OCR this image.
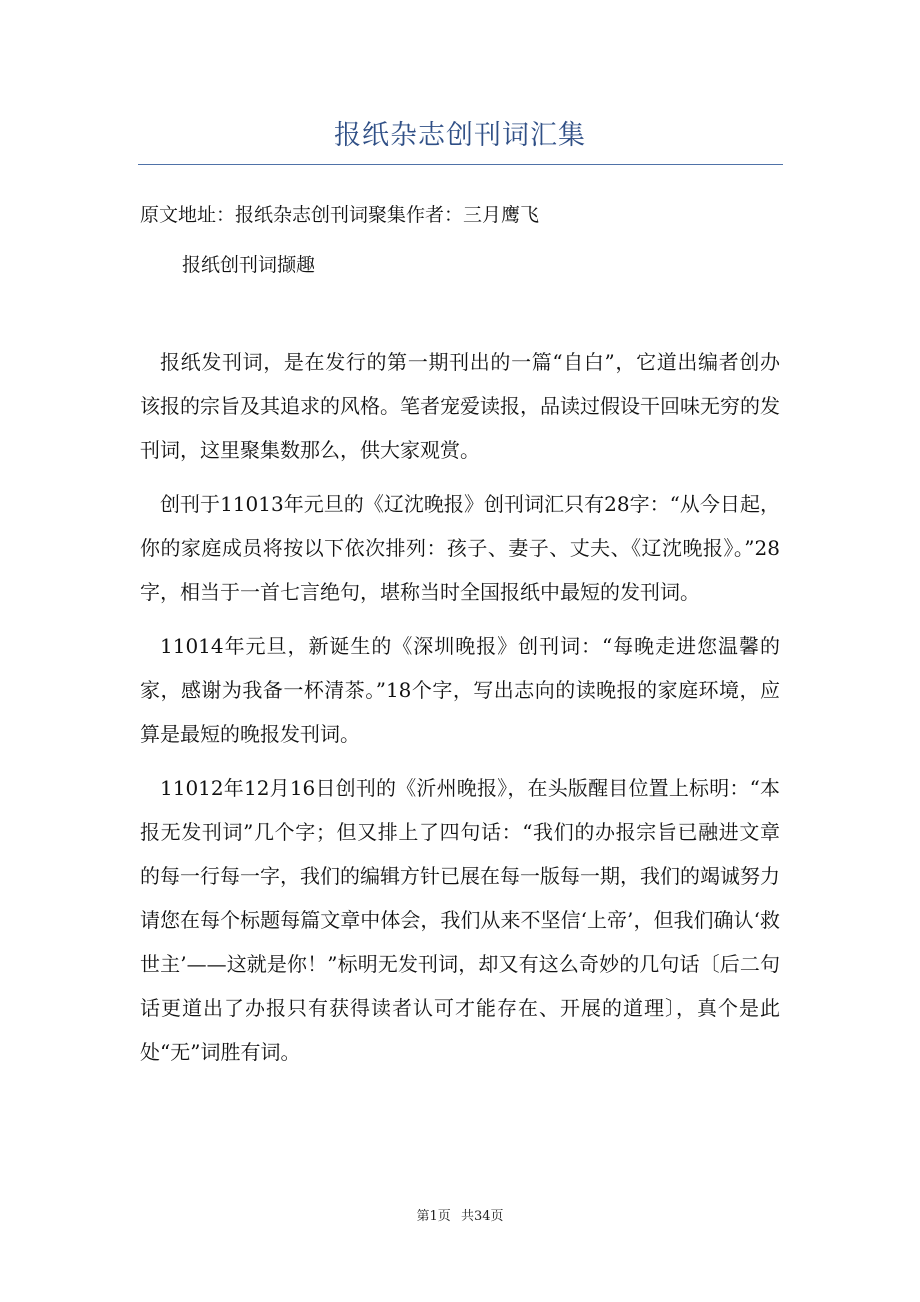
报纸杂志创刊词汇集
原文地址：报纸杂志创刊词聚集作者：三月鹰飞
报纸创刊词撷趣

报纸发刊词，是在发行的第一期刊出的一篇“自白”，它道出编者创办该报的宗旨及其追求的风格。笔者宠爱读报，品读过假设干回味无穷的发刊词，这里聚集数那么，供大家观赏。

创刊于11013年元旦的《辽沈晚报》创刊词汇只有28字：“从今日起，你的家庭成员将按以下依次排列：孩子、妻子、丈夫、《辽沈晚报》。”28字，相当于一首七言绝句，堪称当时全国报纸中最短的发刊词。

11014年元旦，新诞生的《深圳晚报》创刊词：“每晚走进您温馨的家，感谢为我备一杯清茶。”18个字，写出志向的读晚报的家庭环境，应算是最短的晚报发刊词。

11012年12月16日创刊的《沂州晚报》，在头版醒目位置上标明：“本报无发刊词”几个字；但又排上了四句话：“我们的办报宗旨已融进文章的每一行每一字，我们的编辑方针已展在每一版每一期，我们的竭诚努力请您在每个标题每篇文章中体会，我们从来不坚信‘上帝’，但我们确认‘救世主’——这就是你！”标明无发刊词，却又有这么奇妙的几句话〔后二句话更道出了办报只有获得读者认可才能存在、开展的道理〕，真个是此处“无”词胜有词。

第1页 共34页
